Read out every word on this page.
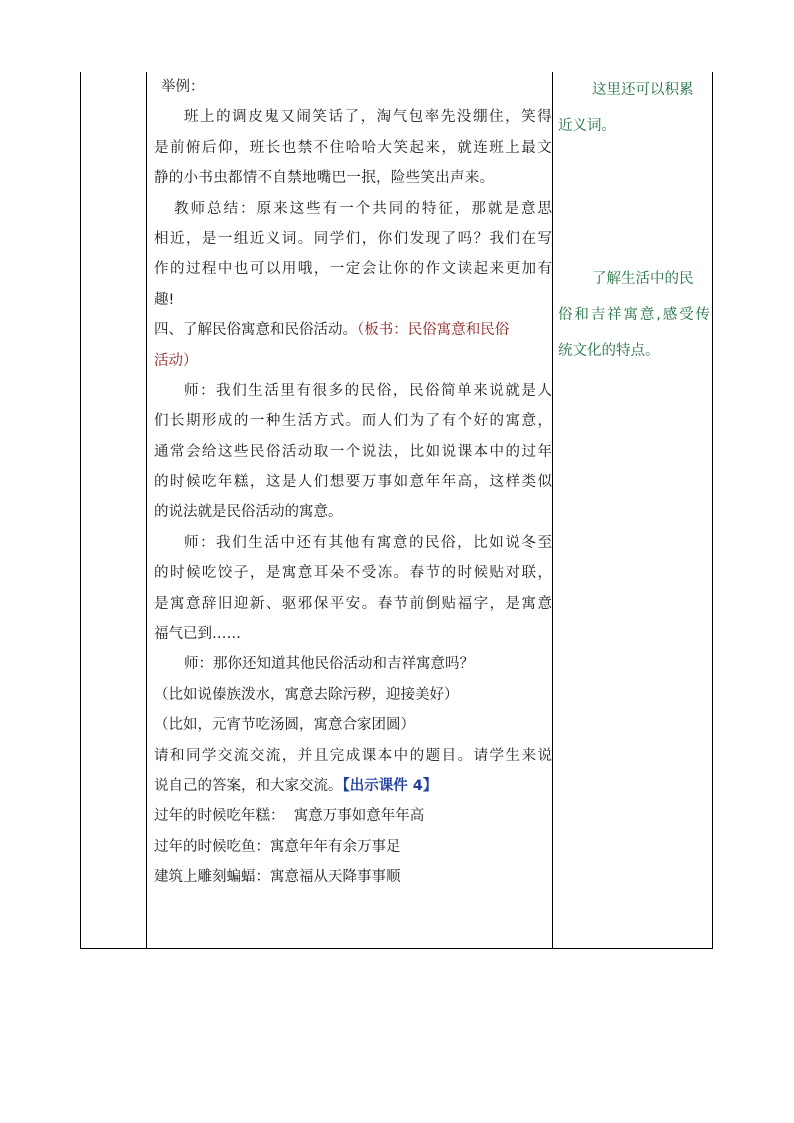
举例：
班上的调皮鬼又闹笑话了，淘气包率先没绷住，笑得
是前俯后仰，班长也禁不住哈哈大笑起来，就连班上最文
静的小书虫都情不自禁地嘴巴一抿，险些笑出声来。
教师总结：原来这些有一个共同的特征，那就是意思
相近，是一组近义词。同学们，你们发现了吗？我们在写
作的过程中也可以用哦，一定会让你的作文读起来更加有
趣!
四、了解民俗寓意和民俗活动。（板书：民俗寓意和民俗
活动）
师：我们生活里有很多的民俗，民俗简单来说就是人
们长期形成的一种生活方式。而人们为了有个好的寓意，
通常会给这些民俗活动取一个说法，比如说课本中的过年
的时候吃年糕，这是人们想要万事如意年年高，这样类似
的说法就是民俗活动的寓意。
师：我们生活中还有其他有寓意的民俗，比如说冬至
的时候吃饺子，是寓意耳朵不受冻。春节的时候贴对联，
是寓意辞旧迎新、驱邪保平安。春节前倒贴福字，是寓意
福气已到……
师：那你还知道其他民俗活动和吉祥寓意吗？
（比如说傣族泼水，寓意去除污秽，迎接美好）
（比如，元宵节吃汤圆，寓意合家团圆）
请和同学交流交流，并且完成课本中的题目。请学生来说
说自己的答案，和大家交流。【出示课件 4】
过年的时候吃年糕：  寓意万事如意年年高
过年的时候吃鱼：寓意年年有余万事足
建筑上雕刻蝙蝠：寓意福从天降事事顺
这里还可以积累
近义词。
了解生活中的民
俗和吉祥寓意,感受传
统文化的特点。
